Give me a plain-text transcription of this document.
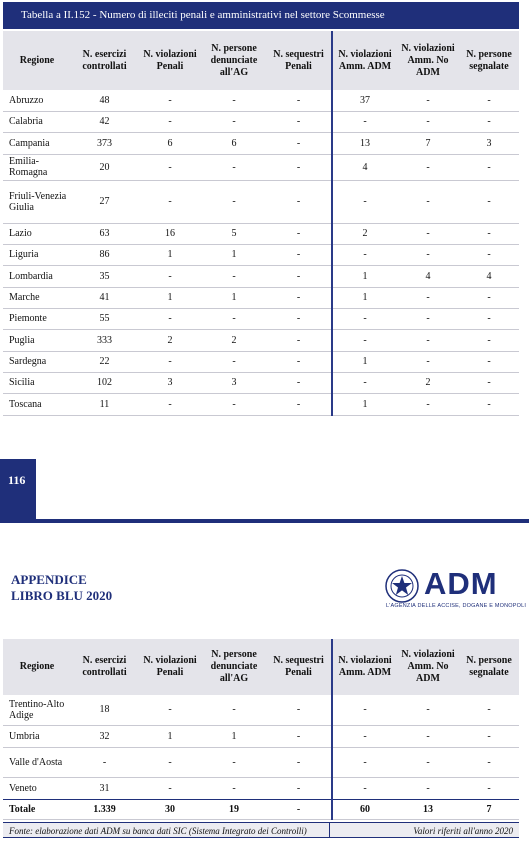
Tabella a II.152 - Numero di illeciti penali e amministrativi nel settore Scommesse
Regione	N. esercizi controllati	N. violazioni Penali	N. persone denunciate all'AG	N. sequestri Penali	N. violazioni Amm. ADM	N. violazioni Amm. No ADM	N. persone segnalate
Abruzzo	48	-	-	-	37	-	-
Calabria	42	-	-	-	-	-	-
Campania	373	6	6	-	13	7	3
Emilia-Romagna	20	-	-	-	4	-	-
Friuli-Venezia Giulia	27	-	-	-	-	-	-
Lazio	63	16	5	-	2	-	-
Liguria	86	1	1	-	-	-	-
Lombardia	35	-	-	-	1	4	4
Marche	41	1	1	-	1	-	-
Piemonte	55	-	-	-	-	-	-
Puglia	333	2	2	-	-	-	-
Sardegna	22	-	-	-	1	-	-
Sicilia	102	3	3	-	-	2	-
Toscana	11	-	-	-	1	-	-
116
APPENDICE
LIBRO BLU 2020	ADM
L'AGENZIA DELLE ACCISE, DOGANE E MONOPOLI
Regione	N. esercizi controllati	N. violazioni Penali	N. persone denunciate all'AG	N. sequestri Penali	N. violazioni Amm. ADM	N. violazioni Amm. No ADM	N. persone segnalate
Trentino-Alto Adige	18	-	-	-	-	-	-
Umbria	32	1	1	-	-	-	-
Valle d'Aosta	-	-	-	-	-	-	-
Veneto	31	-	-	-	-	-	-
Totale	1.339	30	19	-	60	13	7
Fonte: elaborazione dati ADM su banca dati SIC (Sistema Integrato dei Controlli)	Valori riferiti all'anno 2020
